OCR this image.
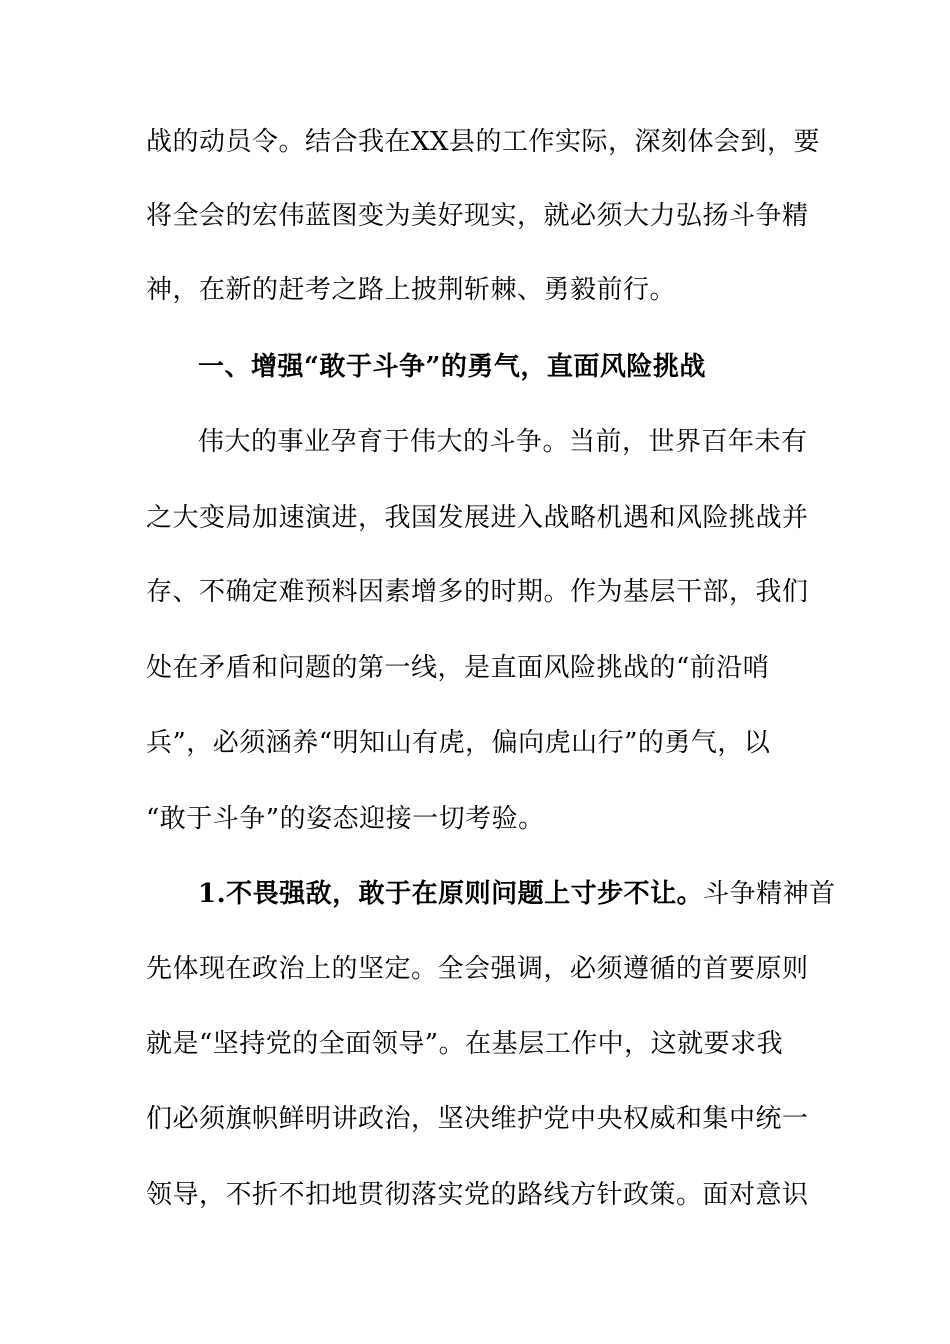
战的动员令。结合我在XX县的工作实际，深刻体会到，要
将全会的宏伟蓝图变为美好现实，就必须大力弘扬斗争精
神，在新的赶考之路上披荆斩棘、勇毅前行。
一、增强“敢于斗争”的勇气，直面风险挑战
伟大的事业孕育于伟大的斗争。当前，世界百年未有
之大变局加速演进，我国发展进入战略机遇和风险挑战并
存、不确定难预料因素增多的时期。作为基层干部，我们
处在矛盾和问题的第一线，是直面风险挑战的“前沿哨
兵”，必须涵养“明知山有虎，偏向虎山行”的勇气，以
“敢于斗争”的姿态迎接一切考验。
1.不畏强敌，敢于在原则问题上寸步不让。斗争精神首
先体现在政治上的坚定。全会强调，必须遵循的首要原则
就是“坚持党的全面领导”。在基层工作中，这就要求我
们必须旗帜鲜明讲政治，坚决维护党中央权威和集中统一
领导，不折不扣地贯彻落实党的路线方针政策。面对意识
